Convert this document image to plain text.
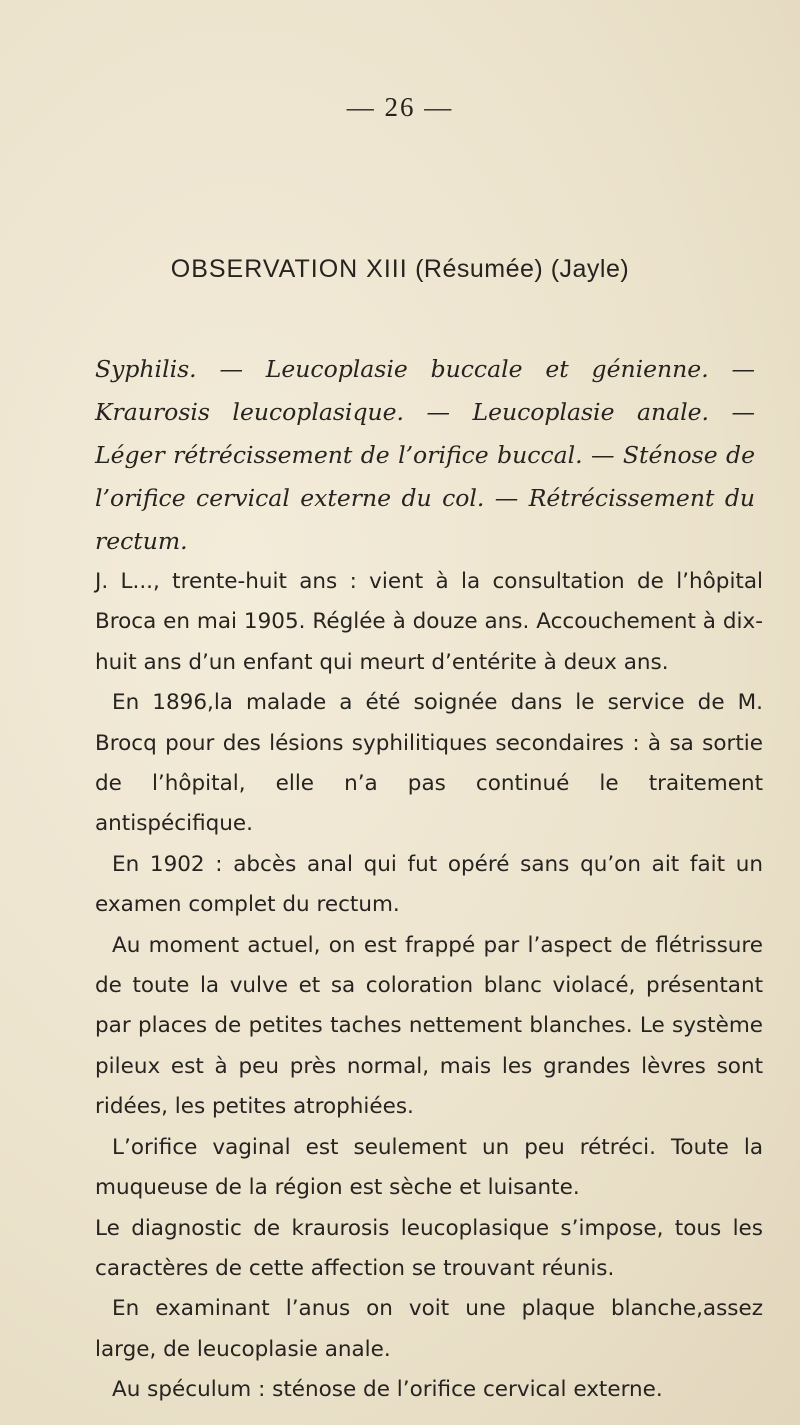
— 26 —
OBSERVATION XIII (Résumée) (Jayle)
Syphilis. — Leucoplasie buccale et génienne. — Kraurosis leucoplasique. — Leucoplasie anale. — Léger rétrécissement de l’orifice buccal. — Sténose de l’orifice cervical externe du col. — Rétrécissement du rectum.

J. L..., trente-huit ans : vient à la consultation de l’hôpital Broca en mai 1905. Réglée à douze ans. Accouchement à dix-huit ans d’un enfant qui meurt d’entérite à deux ans.

En 1896,la malade a été soignée dans le service de M. Brocq pour des lésions syphilitiques secondaires : à sa sortie de l’hôpital, elle n’a pas continué le traitement antispécifique.

En 1902 : abcès anal qui fut opéré sans qu’on ait fait un examen complet du rectum.

Au moment actuel, on est frappé par l’aspect de flétrissure de toute la vulve et sa coloration blanc violacé, présentant par places de petites taches nettement blanches. Le système pileux est à peu près normal, mais les grandes lèvres sont ridées, les petites atrophiées.

L’orifice vaginal est seulement un peu rétréci. Toute la muqueuse de la région est sèche et luisante.

Le diagnostic de kraurosis leucoplasique s’impose, tous les caractères de cette affection se trouvant réunis.

En examinant l’anus on voit une plaque blanche,assez large, de leucoplasie anale.

Au spéculum : sténose de l’orifice cervical externe.
